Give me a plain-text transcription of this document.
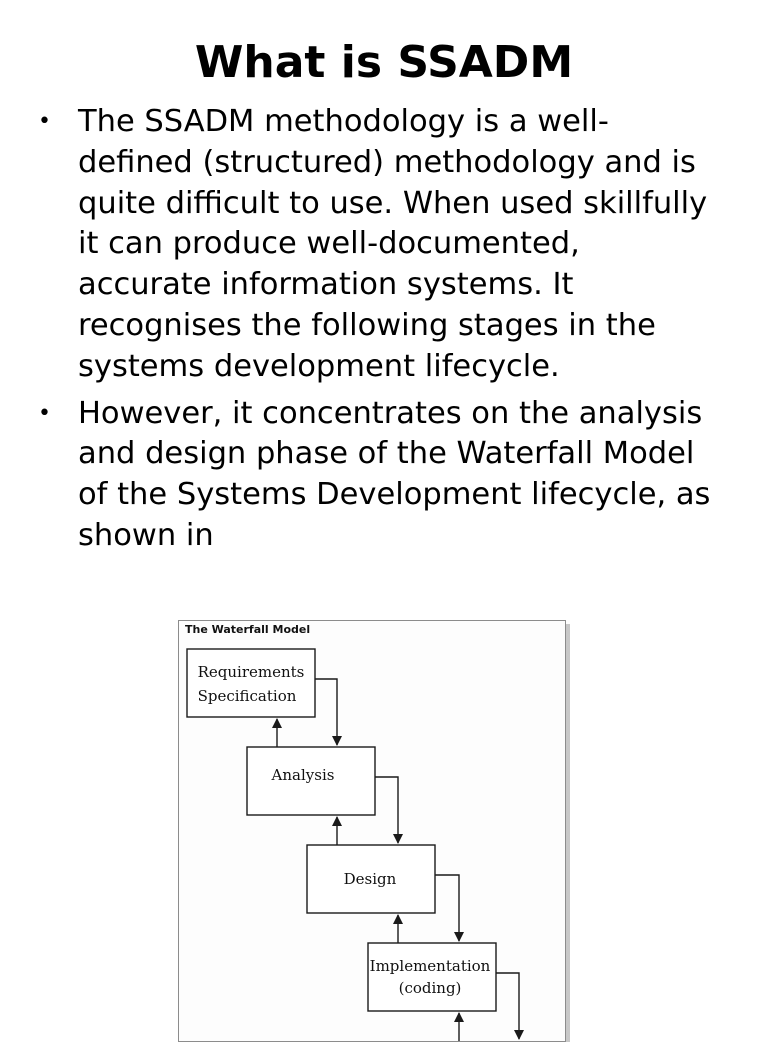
What is SSADM
• The SSADM methodology is a well-defined (structured) methodology and is quite difficult to use. When used skillfully it can produce well-documented, accurate information systems. It recognises the following stages in the systems development lifecycle.
• However, it concentrates on the analysis and design phase of the Waterfall Model of the Systems Development lifecycle, as shown in
The Waterfall Model
Requirements
Specification
Analysis
Design
Implementation
(coding)
